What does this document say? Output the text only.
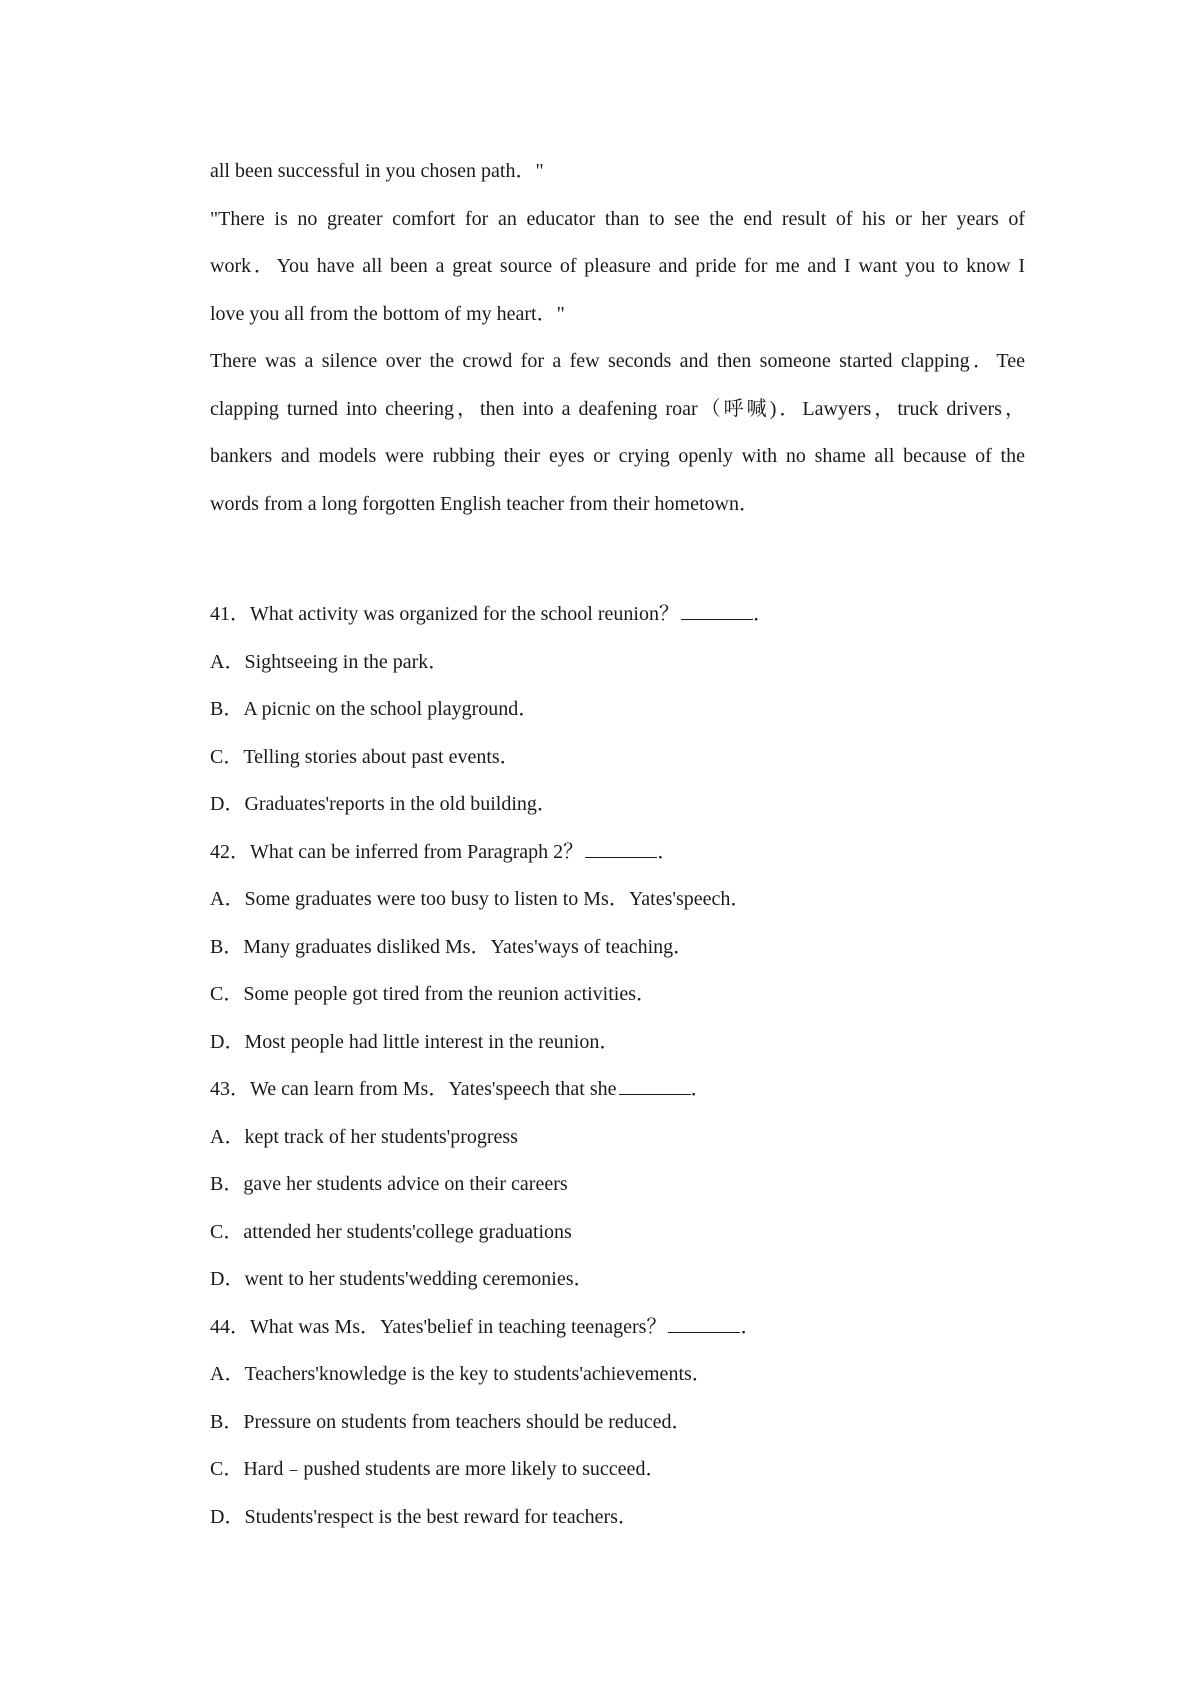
all been successful in you chosen path．"
"There is no greater comfort for an educator than to see the end result of his or her years of
work．You have all been a great source of pleasure and pride for me and I want you to know I
love you all from the bottom of my heart．"
There was a silence over the crowd for a few seconds and then someone started clapping．Tee
clapping turned into cheering，then into a deafening roar（呼喊)．Lawyers，truck drivers，
bankers and models were rubbing their eyes or crying openly with no shame all because of the
words from a long forgotten English teacher from their hometown．
41．What activity was organized for the school reunion？	．
A．Sightseeing in the park．
B．A picnic on the school playground．
C．Telling stories about past events．
D．Graduates'reports in the old building．
42．What can be inferred from Paragraph 2？	．
A．Some graduates were too busy to listen to Ms．Yates'speech．
B．Many graduates disliked Ms．Yates'ways of teaching．
C．Some people got tired from the reunion activities．
D．Most people had little interest in the reunion．
43．We can learn from Ms．Yates'speech that she	．
A．kept track of her students'progress
B．gave her students advice on their careers
C．attended her students'college graduations
D．went to her students'wedding ceremonies．
44．What was Ms．Yates'belief in teaching teenagers？	．
A．Teachers'knowledge is the key to students'achievements．
B．Pressure on students from teachers should be reduced．
C．Hard﹣pushed students are more likely to succeed．
D．Students'respect is the best reward for teachers．
